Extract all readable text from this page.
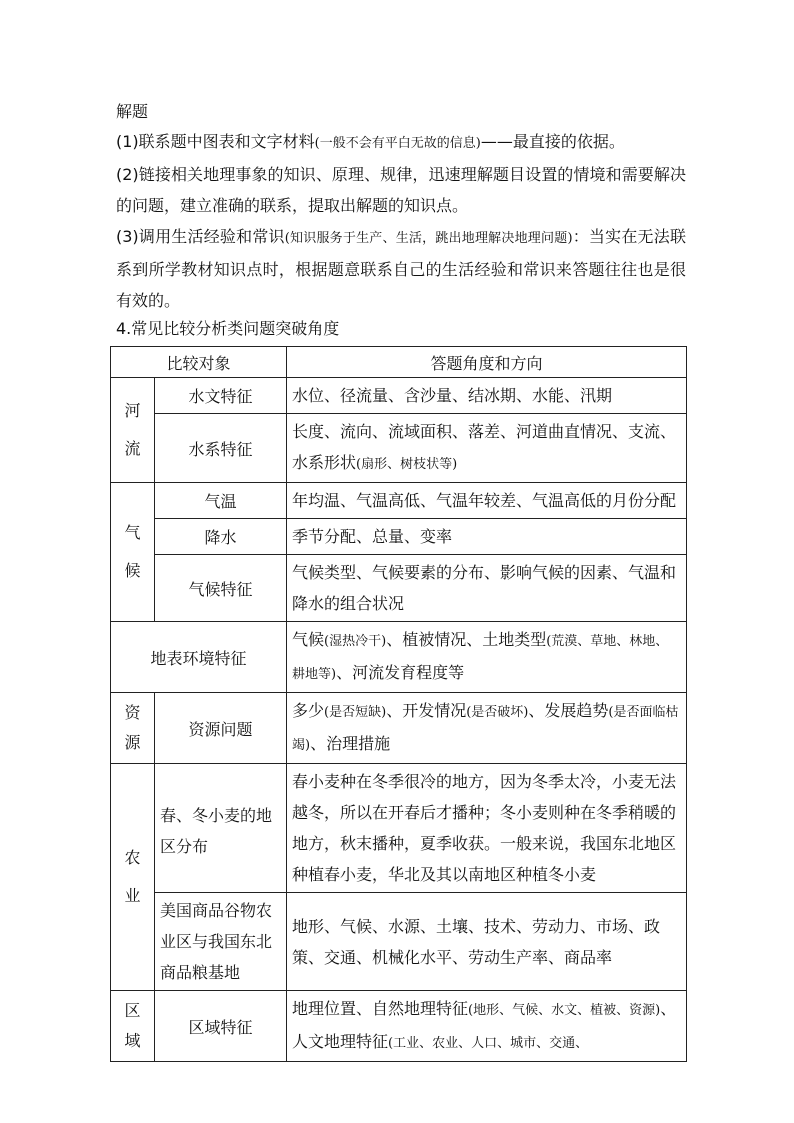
解题
(1)联系题中图表和文字材料(一般不会有平白无故的信息)——最直接的依据。
(2)链接相关地理事象的知识、原理、规律，迅速理解题目设置的情境和需要解决的问题，建立准确的联系，提取出解题的知识点。
(3)调用生活经验和常识(知识服务于生产、生活，跳出地理解决地理问题)：当实在无法联系到所学教材知识点时，根据题意联系自己的生活经验和常识来答题往往也是很有效的。
4.常见比较分析类问题突破角度
比较对象		答题角度和方向

河流	水文特征	水位、径流量、含沙量、结冰期、水能、汛期
	水系特征	长度、流向、流域面积、落差、河道曲直情况、支流、水系形状(扇形、树枝状等)

气候	气温	年均温、气温高低、气温年较差、气温高低的月份分配
	降水	季节分配、总量、变率
	气候特征	气候类型、气候要素的分布、影响气候的因素、气温和降水的组合状况
地表环境特征		气候(湿热冷干)、植被情况、土地类型(荒漠、草地、林地、耕地等)、河流发育程度等

资源	资源问题	多少(是否短缺)、开发情况(是否破坏)、发展趋势(是否面临枯竭)、治理措施

农业	春、冬小麦的地区分布	春小麦种在冬季很冷的地方，因为冬季太冷，小麦无法越冬，所以在开春后才播种；冬小麦则种在冬季稍暖的地方，秋末播种，夏季收获。一般来说，我国东北地区种植春小麦，华北及其以南地区种植冬小麦
	美国商品谷物农业区与我国东北商品粮基地	地形、气候、水源、土壤、技术、劳动力、市场、政策、交通、机械化水平、劳动生产率、商品率

区域	区域特征	地理位置、自然地理特征(地形、气候、水文、植被、资源)、人文地理特征(工业、农业、人口、城市、交通、
